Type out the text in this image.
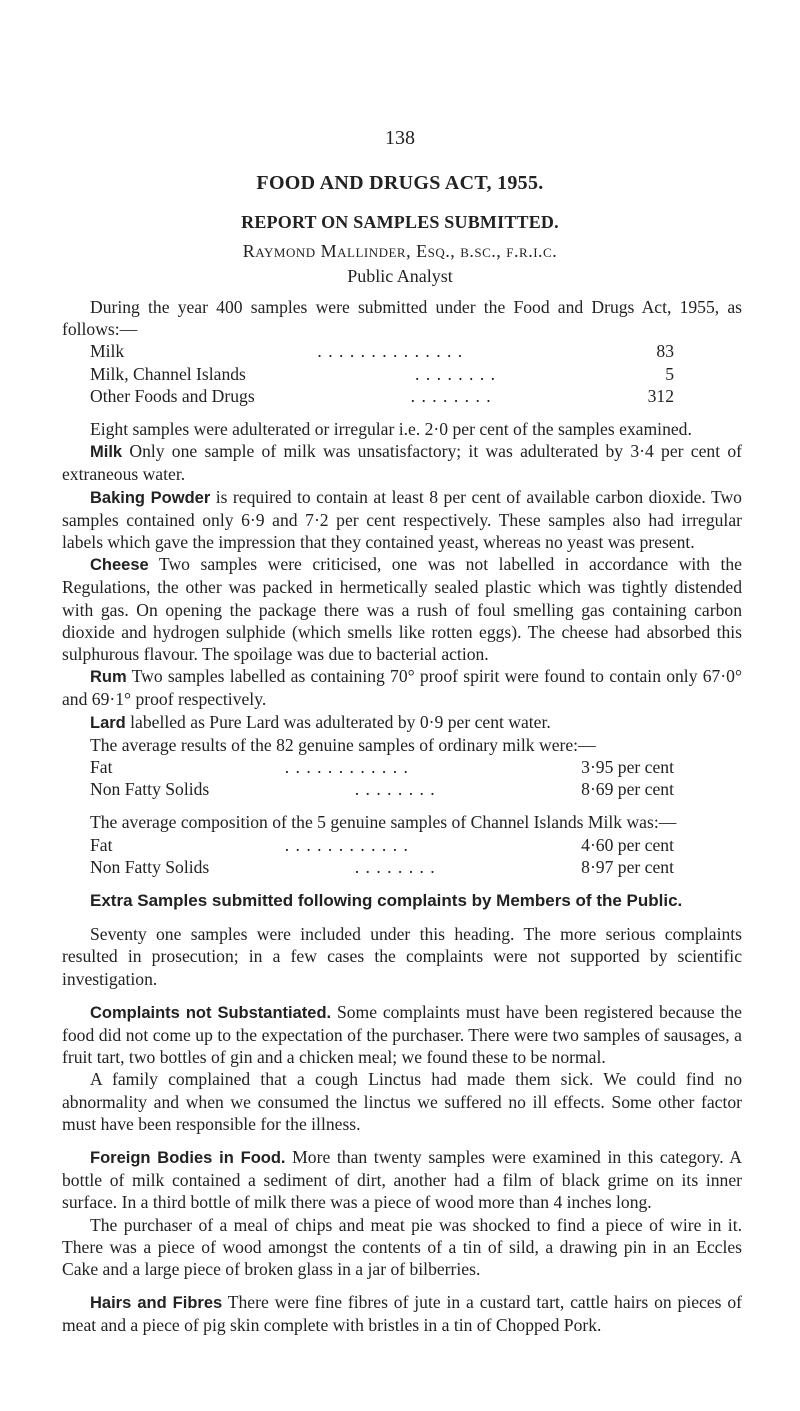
138
FOOD AND DRUGS ACT, 1955.
REPORT ON SAMPLES SUBMITTED.
Raymond Mallinder, Esq., b.sc., f.r.i.c.
Public Analyst

During the year 400 samples were submitted under the Food and Drugs Act, 1955, as follows:—

Milk	. . . . . . . . . . . . . .	83
Milk, Channel Islands	. . . . . . . .	5
Other Foods and Drugs	. . . . . . . .	312

Eight samples were adulterated or irregular i.e. 2·0 per cent of the samples examined.

Milk Only one sample of milk was unsatisfactory; it was adulterated by 3·4 per cent of extraneous water.

Baking Powder is required to contain at least 8 per cent of available carbon dioxide. Two samples contained only 6·9 and 7·2 per cent respectively. These samples also had irregular labels which gave the impression that they contained yeast, whereas no yeast was present.

Cheese Two samples were criticised, one was not labelled in accordance with the Regulations, the other was packed in hermetically sealed plastic which was tightly distended with gas. On opening the package there was a rush of foul smelling gas containing carbon dioxide and hydrogen sulphide (which smells like rotten eggs). The cheese had absorbed this sulphurous flavour. The spoilage was due to bacterial action.

Rum Two samples labelled as containing 70° proof spirit were found to contain only 67·0° and 69·1° proof respectively.

Lard labelled as Pure Lard was adulterated by 0·9 per cent water.

The average results of the 82 genuine samples of ordinary milk were:—

Fat	. . . . . . . . . . . .	3·95 per cent
Non Fatty Solids	. . . . . . . .	8·69 per cent

The average composition of the 5 genuine samples of Channel Islands Milk was:—

Fat	. . . . . . . . . . . .	4·60 per cent
Non Fatty Solids	. . . . . . . .	8·97 per cent

Extra Samples submitted following complaints by Members of the Public.

Seventy one samples were included under this heading. The more serious complaints resulted in prosecution; in a few cases the complaints were not supported by scientific investigation.

Complaints not Substantiated. Some complaints must have been registered because the food did not come up to the expectation of the purchaser. There were two samples of sausages, a fruit tart, two bottles of gin and a chicken meal; we found these to be normal.

A family complained that a cough Linctus had made them sick. We could find no abnormality and when we consumed the linctus we suffered no ill effects. Some other factor must have been responsible for the illness.

Foreign Bodies in Food. More than twenty samples were examined in this category. A bottle of milk contained a sediment of dirt, another had a film of black grime on its inner surface. In a third bottle of milk there was a piece of wood more than 4 inches long.

The purchaser of a meal of chips and meat pie was shocked to find a piece of wire in it. There was a piece of wood amongst the contents of a tin of sild, a drawing pin in an Eccles Cake and a large piece of broken glass in a jar of bilberries.

Hairs and Fibres There were fine fibres of jute in a custard tart, cattle hairs on pieces of meat and a piece of pig skin complete with bristles in a tin of Chopped Pork.
